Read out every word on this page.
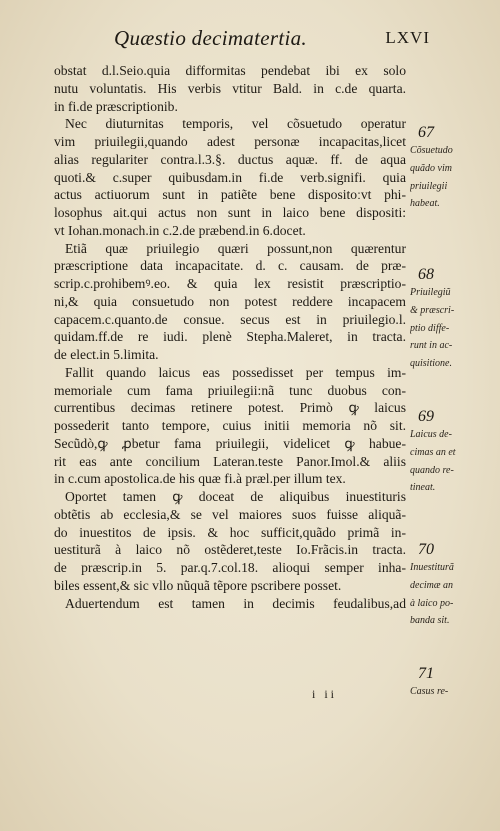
Quæstio decimatertia.	LXVI
obstat d.l.Seio.quia difformitas pendebat ibi ex solo
nutu voluntatis. His verbis vtitur Bald. in c.de quarta.
in fi.de præscriptionib.
Nec diuturnitas temporis, vel cõsuetudo operatur
vim priuilegii,quando adest personæ incapacitas,licet
alias regulariter contra.l.3.§. ductus aquæ. ff. de aqua
quoti.& c.super quibusdam.in fi.de verb.signifi. quia
actus actiuorum sunt in patiẽte bene dispositoːvt phi-
losophus ait.qui actus non sunt in laico bene dispositi:
vt Iohan.monach.in c.2.de præbend.in 6.docet.
Etiã quæ priuilegio quæri possunt,non quærentur
præscriptione data incapacitate. d. c. causam. de præ-
scrip.c.prohibemꝰ.eo. & quia lex resistit præscriptio-
ni,& quia consuetudo non potest reddere incapacem
capacem.c.quanto.de consue. secus est in priuilegio.l.
quidam.ff.de re iudi. plenè Stepha.Maleret, in tracta.
de elect.in 5.limita.
Fallit quando laicus eas possedisset per tempus im-
memoriale cum fama priuilegii:nã tunc duobus con-
currentibus decimas retinere potest. Primò ꝙ laicus
possederit tanto tempore, cuius initii memoria nõ sit.
Secũdò,ꝙ ꝓbetur fama priuilegii, videlicet ꝙ habue-
rit eas ante concilium Lateran.teste Panor.Imol.& aliis
in c.cum apostolica.de his quæ fi.à præl.per illum tex.
Oportet tamen ꝙ doceat de aliquibus inuestituris
obtẽtis ab ecclesia,& se vel maiores suos fuisse aliquã-
do inuestitos de ipsis. & hoc sufficit,quãdo primã in-
uestiturã à laico nõ ostẽderet,teste Io.Frãcis.in tracta.
de præscrip.in 5. par.q.7.col.18. alioqui semper inha-
biles essent,& sic vllo nũquã tẽpore pscribere posset.
Aduertendum est tamen in decimis feudalibus,ad
67
Cõsuetudo
quãdo vim
priuilegii
habeat.
68
Priuilegiũ
& præscri-
ptio diffe-
runt in ac-
quisitione.
69
Laicus de-
cimas an et
quando re-
tineat.
70
Inuestiturã
decimæ an
à laico po-
banda sit.
71
Casus re-
i ii
